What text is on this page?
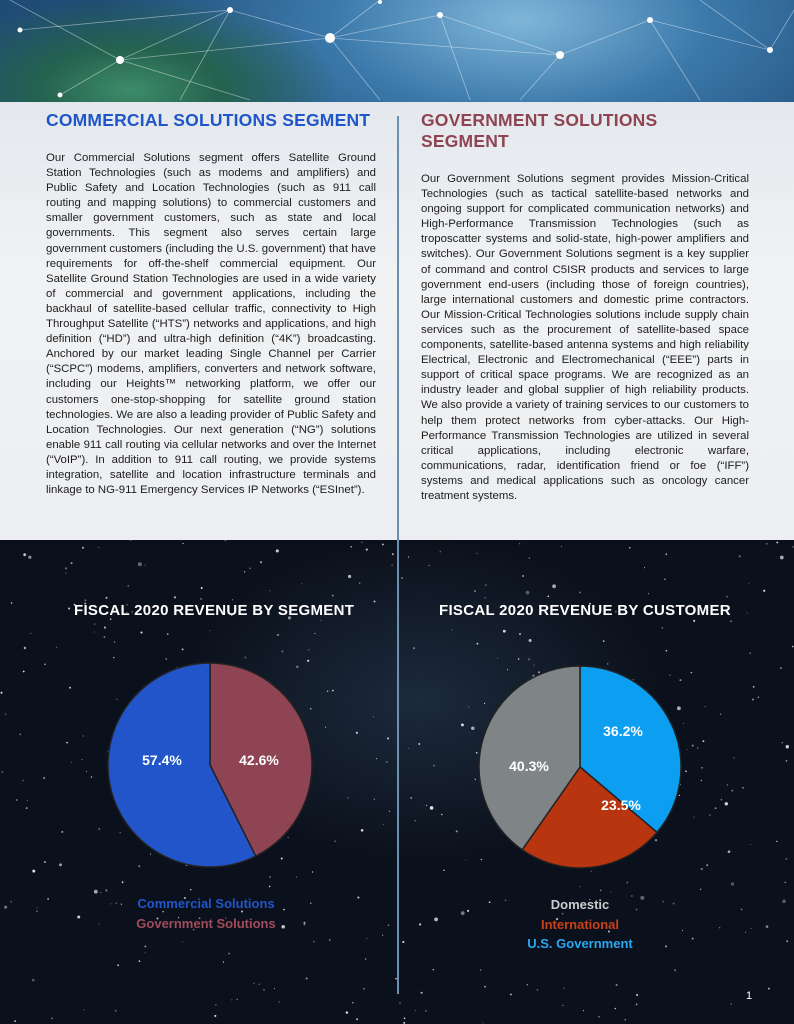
COMMERCIAL SOLUTIONS SEGMENT

Our Commercial Solutions segment offers Satellite Ground Station Technologies (such as modems and amplifiers) and Public Safety and Location Technologies (such as 911 call routing and mapping solutions) to commercial customers and smaller government customers, such as state and local governments. This segment also serves certain large government customers (including the U.S. government) that have requirements for off-the-shelf commercial equipment. Our Satellite Ground Station Technologies are used in a wide variety of commercial and government applications, including the backhaul of satellite-based cellular traffic, connectivity to High Throughput Satellite (“HTS”) networks and applications, and high definition (“HD”) and ultra-high definition (“4K”) broadcasting. Anchored by our market leading Single Channel per Carrier (“SCPC”) modems, amplifiers, converters and network software, including our Heights™ networking platform, we offer our customers one-stop-shopping for satellite ground station technologies. We are also a leading provider of Public Safety and Location Technologies. Our next generation (“NG”) solutions enable 911 call routing via cellular networks and over the Internet (“VoIP”). In addition to 911 call routing, we provide systems integration, satellite and location infrastructure terminals and linkage to NG-911 Emergency Services IP Networks (“ESInet”).

GOVERNMENT SOLUTIONS SEGMENT

Our Government Solutions segment provides Mission-Critical Technologies (such as tactical satellite-based networks and ongoing support for complicated communication networks) and High-Performance Transmission Technologies (such as troposcatter systems and solid-state, high-power amplifiers and switches). Our Government Solutions segment is a key supplier of command and control C5ISR products and services to large government end-users (including those of foreign countries), large international customers and domestic prime contractors. Our Mission-Critical Technologies solutions include supply chain services such as the procurement of satellite-based space components, satellite-based antenna systems and high reliability Electrical, Electronic and Electromechanical (“EEE”) parts in support of critical space programs. We are recognized as an industry leader and global supplier of high reliability products. We also provide a variety of training services to our customers to help them protect networks from cyber-attacks. Our High-Performance Transmission Technologies are utilized in several critical applications, including electronic warfare, communications, radar, identification friend or foe (“IFF”) systems and medical applications such as oncology cancer treatment systems.

FISCAL 2020 REVENUE BY SEGMENT	FISCAL 2020 REVENUE BY CUSTOMER
57.4%	42.6%
36.2%
23.5%
40.3%
Commercial Solutions
Government Solutions
Domestic
International
U.S. Government
1
